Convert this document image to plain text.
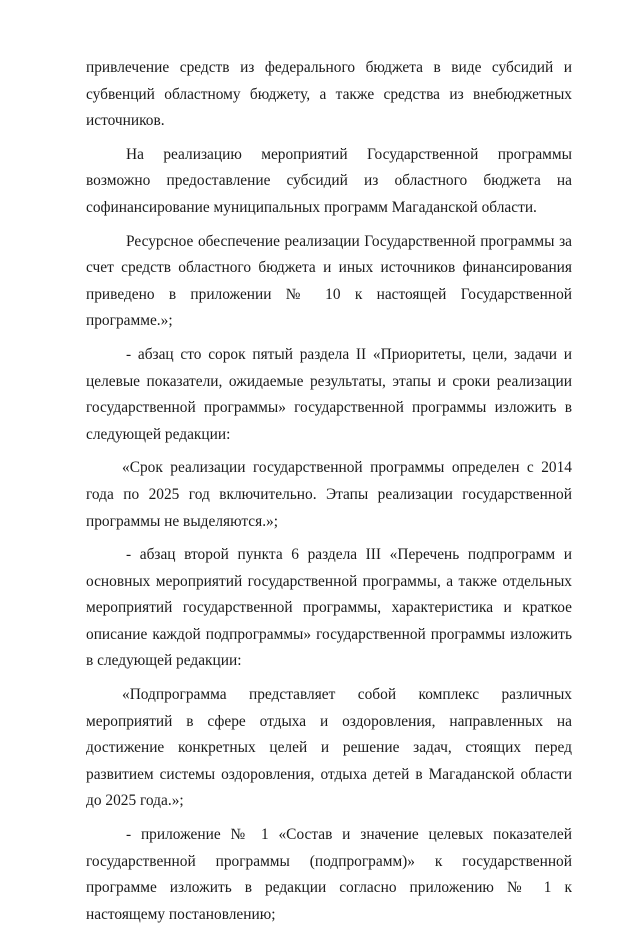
привлечение средств из федерального бюджета в виде субсидий и субвенций областному бюджету, а также средства из внебюджетных источников.

На реализацию мероприятий Государственной программы возможно предоставление субсидий из областного бюджета на софинансирование муниципальных программ Магаданской области.

Ресурсное обеспечение реализации Государственной программы за счет средств областного бюджета и иных источников финансирования приведено в приложении № 10 к настоящей Государственной программе.»;

- абзац сто сорок пятый раздела II «Приоритеты, цели, задачи и целевые показатели, ожидаемые результаты, этапы и сроки реализации государственной программы» государственной программы изложить в следующей редакции:

«Срок реализации государственной программы определен с 2014 года по 2025 год включительно. Этапы реализации государственной программы не выделяются.»;

- абзац второй пункта 6 раздела III «Перечень подпрограмм и основных мероприятий государственной программы, а также отдельных мероприятий государственной программы, характеристика и краткое описание каждой подпрограммы» государственной программы изложить в следующей редакции:

«Подпрограмма представляет собой комплекс различных мероприятий в сфере отдыха и оздоровления, направленных на достижение конкретных целей и решение задач, стоящих перед развитием системы оздоровления, отдыха детей в Магаданской области до 2025 года.»;

- приложение № 1 «Состав и значение целевых показателей государственной программы (подпрограмм)» к государственной программе изложить в редакции согласно приложению № 1 к настоящему постановлению;
